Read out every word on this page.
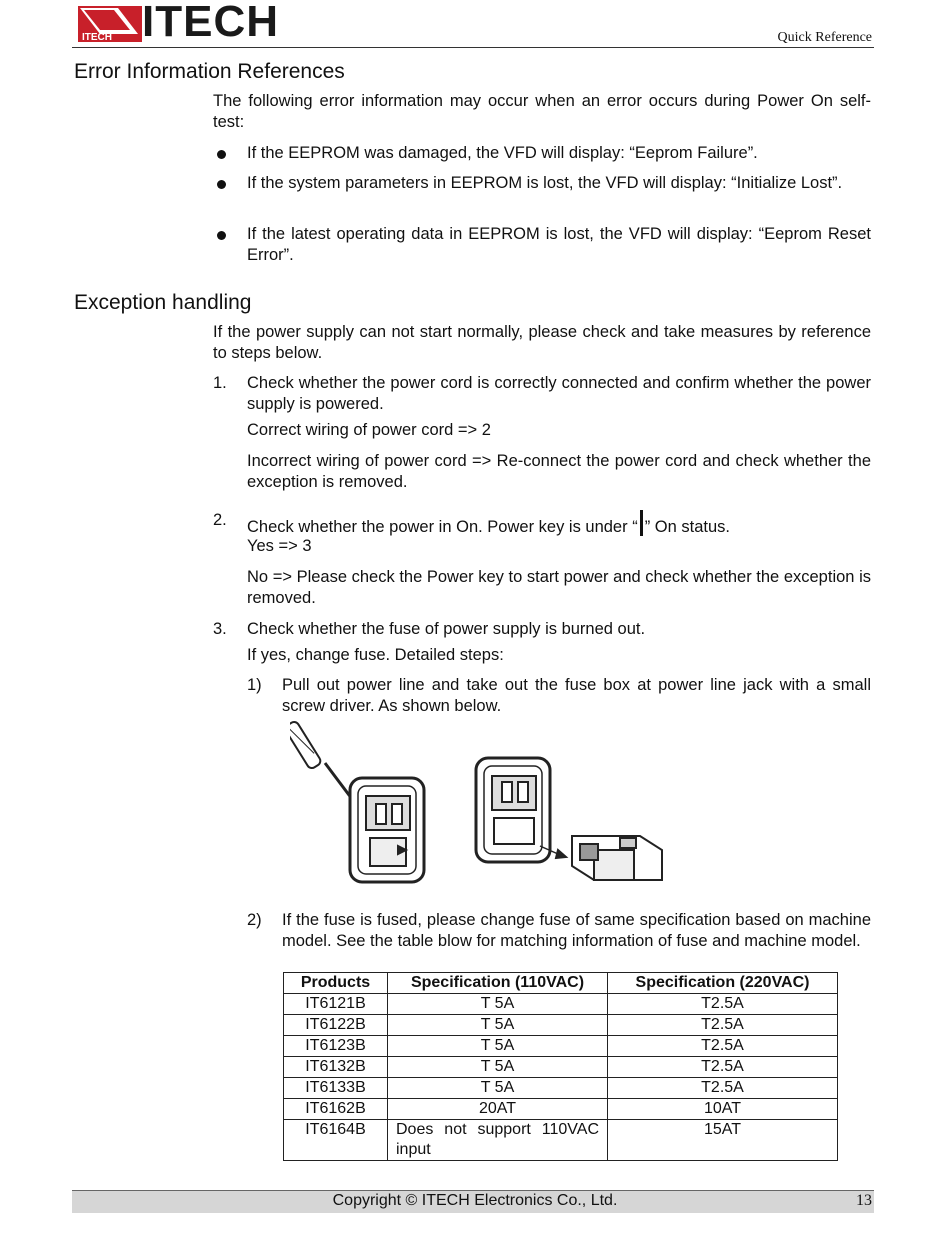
ITECH ITECH	Quick Reference
Error Information References

The following error information may occur when an error occurs during Power On self-test:

If the EEPROM was damaged, the VFD will display: “Eeprom Failure”.

If the system parameters in EEPROM is lost, the VFD will display: “Initialize Lost”.

If the latest operating data in EEPROM is lost, the VFD will display: “Eeprom Reset Error”.

Exception handling

If the power supply can not start normally, please check and take measures by reference to steps below.

1. Check whether the power cord is correctly connected and confirm whether the power supply is powered.

Correct wiring of power cord => 2

Incorrect wiring of power cord => Re-connect the power cord and check whether the exception is removed.

2. Check whether the power in On. Power key is under “ ” On status.

Yes => 3

No => Please check the Power key to start power and check whether the exception is removed.

3. Check whether the fuse of power supply is burned out.

If yes, change fuse. Detailed steps:

1) Pull out power line and take out the fuse box at power line jack with a small screw driver. As shown below.

2) If the fuse is fused, please change fuse of same specification based on machine model. See the table blow for matching information of fuse and machine model.

Products	Specification (110VAC)	Specification (220VAC)
IT6121B	T 5A	T2.5A
IT6122B	T 5A	T2.5A
IT6123B	T 5A	T2.5A
IT6132B	T 5A	T2.5A
IT6133B	T 5A	T2.5A
IT6162B	20AT	10AT
IT6164B	Does not support 110VAC input	15AT
Copyright © ITECH Electronics Co., Ltd.	13
